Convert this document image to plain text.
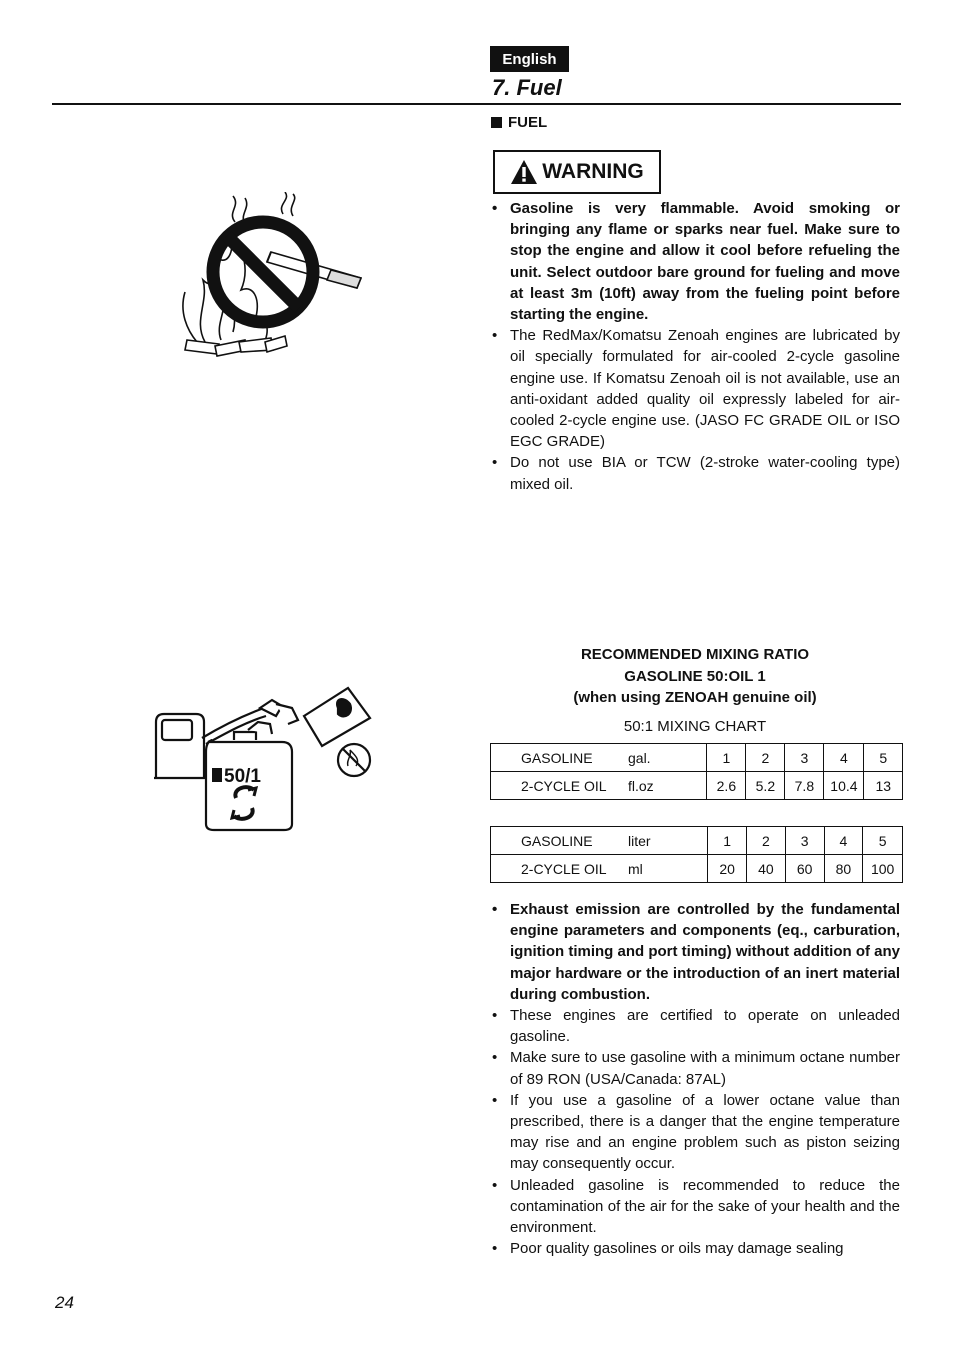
English
7. Fuel
FUEL
WARNING
• Gasoline is very flammable. Avoid smoking or bringing any flame or sparks near fuel. Make sure to stop the engine and allow it cool before refueling the unit. Select outdoor bare ground for fueling and move at least 3m (10ft) away from the fueling point before starting the engine.
• The RedMax/Komatsu Zenoah engines are lubricated by oil specially formulated for air-cooled 2-cycle gasoline engine use. If Komatsu Zenoah oil is not available, use an anti-oxidant added quality oil expressly labeled for air-cooled 2-cycle engine use. (JASO FC GRADE OIL or ISO EGC GRADE)
• Do not use BIA or TCW (2-stroke water-cooling type) mixed oil.
RECOMMENDED MIXING RATIO
GASOLINE 50:OIL 1
(when using ZENOAH genuine oil)
50:1 MIXING CHART
50/1
GASOLINE gal.	1	2	3	4	5
2-CYCLE OIL fl.oz	2.6	5.2	7.8	10.4	13
GASOLINE liter	1	2	3	4	5
2-CYCLE OIL ml	20	40	60	80	100
• Exhaust emission are controlled by the fundamental engine parameters and components (eq., carburation, ignition timing and port timing) without addition of any major hardware or the introduction of an inert material during combustion.
• These engines are certified to operate on unleaded gasoline.
• Make sure to use gasoline with a minimum octane number of 89 RON (USA/Canada: 87AL)
• If you use a gasoline of a lower octane value than prescribed, there is a danger that the engine temperature may rise and an engine problem such as piston seizing may consequently occur.
• Unleaded gasoline is recommended to reduce the contamination of the air for the sake of your health and the environment.
• Poor quality gasolines or oils may damage sealing
24
